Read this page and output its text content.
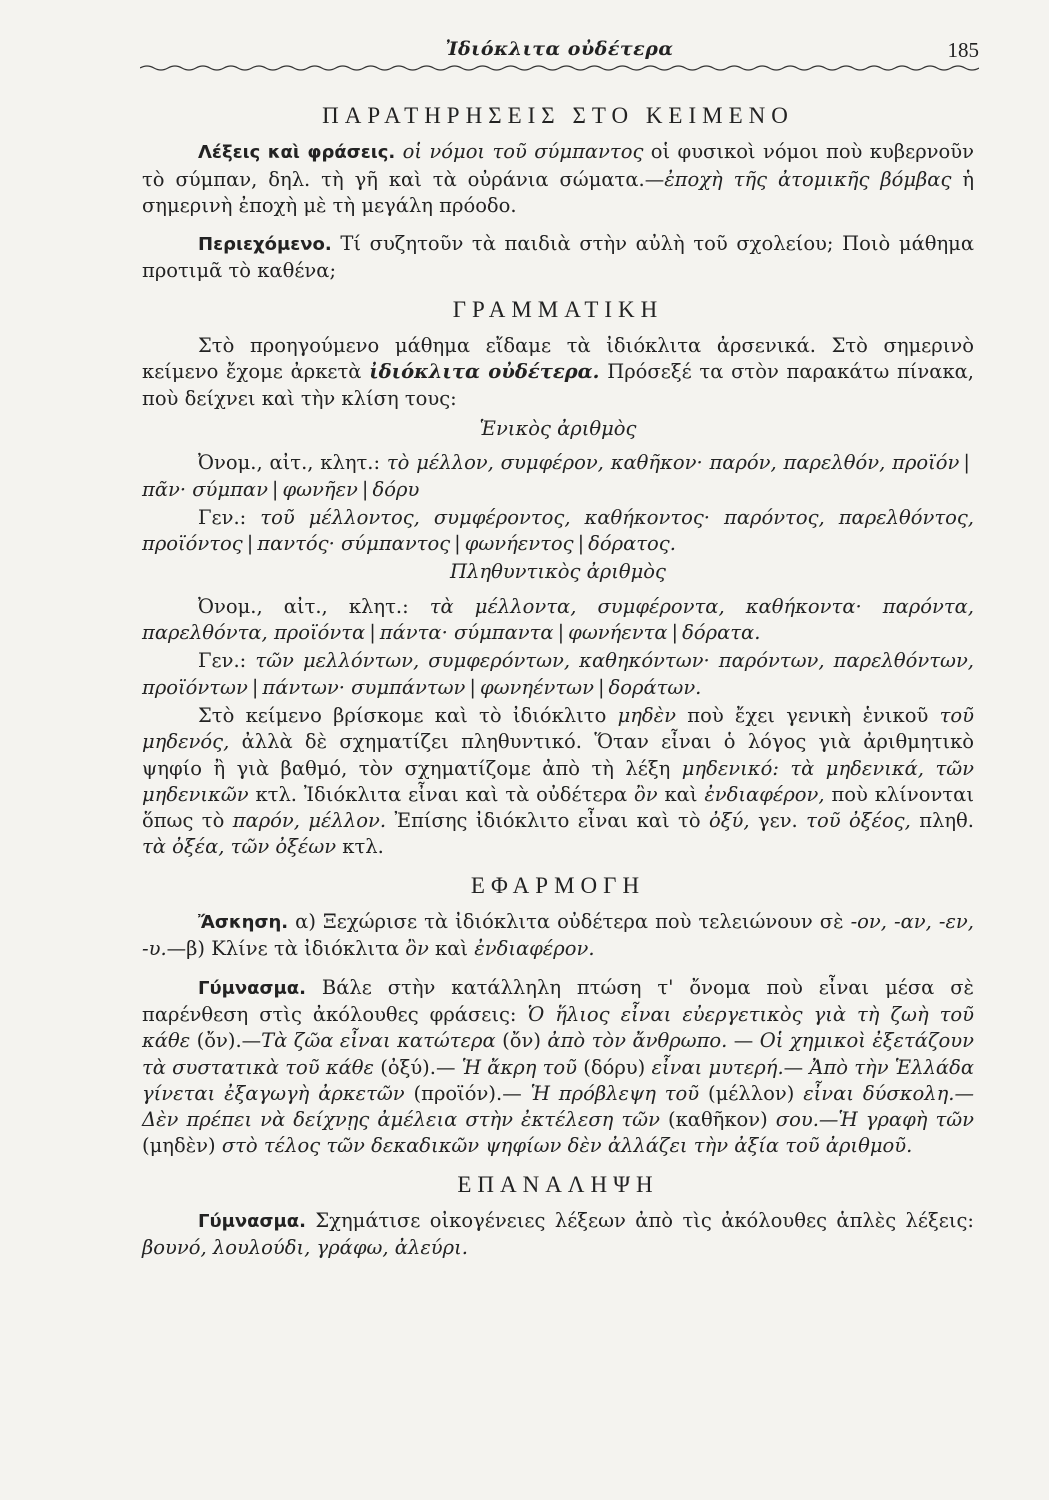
Ἰδιόκλιτα οὐδέτερα	185
ΠΑΡΑΤΗΡΗΣΕΙΣ ΣΤΟ ΚΕΙΜΕΝΟ

Λέξεις καὶ φράσεις. οἱ νόμοι τοῦ σύμπαντος οἱ φυσικοὶ νόμοι ποὺ κυβερνοῦν τὸ σύμπαν, δηλ. τὴ γῆ καὶ τὰ οὐράνια σώματα.—ἐποχὴ τῆς ἀτομικῆς βόμβας ἡ σημερινὴ ἐποχὴ μὲ τὴ μεγάλη πρόοδο.

Περιεχόμενο. Τί συζητοῦν τὰ παιδιὰ στὴν αὐλὴ τοῦ σχολείου; Ποιὸ μάθημα προτιμᾶ τὸ καθένα;

ΓΡΑΜΜΑΤΙΚΗ

Στὸ προηγούμενο μάθημα εἴδαμε τὰ ἰδιόκλιτα ἀρσενικά. Στὸ σημερινὸ κείμενο ἔχομε ἀρκετὰ ἰδιόκλιτα οὐδέτερα. Πρόσεξέ τα στὸν παρακάτω πίνακα, ποὺ δείχνει καὶ τὴν κλίση τους:

Ἑνικὸς ἀριθμὸς

Ὀνομ., αἰτ., κλητ.: τὸ μέλλον, συμφέρον, καθῆκον· παρόν, παρελθόν, προϊόν |πᾶν· σύμπαν | φωνῆεν | δόρυ

Γεν.: τοῦ μέλλοντος, συμφέροντος, καθήκοντος· παρόντος, παρελθόντος, προϊόντος | παντός· σύμπαντος | φωνήεντος | δόρατος.

Πληθυντικὸς ἀριθμὸς

Ὀνομ., αἰτ., κλητ.: τὰ μέλλοντα, συμφέροντα, καθήκοντα· παρόντα, παρελθόντα, προϊόντα | πάντα· σύμπαντα | φωνήεντα | δόρατα.

Γεν.: τῶν μελλόντων, συμφερόντων, καθηκόντων· παρόντων, παρελθόντων, προϊόντων | πάντων· συμπάντων | φωνηέντων | δοράτων.

Στὸ κείμενο βρίσκομε καὶ τὸ ἰδιόκλιτο μηδὲν ποὺ ἔχει γενικὴ ἑνικοῦ τοῦ μηδενός, ἀλλὰ δὲ σχηματίζει πληθυντικό. Ὅταν εἶναι ὁ λόγος γιὰ ἀριθμητικὸ ψηφίο ἢ γιὰ βαθμό, τὸν σχηματίζομε ἀπὸ τὴ λέξη μηδενικό: τὰ μηδενικά, τῶν μηδενικῶν κτλ. Ἰδιόκλιτα εἶναι καὶ τὰ οὐδέτερα ὂν καὶ ἐνδιαφέρον, ποὺ κλίνονται ὅπως τὸ παρόν, μέλλον. Ἐπίσης ἰδιόκλιτο εἶναι καὶ τὸ ὀξύ, γεν. τοῦ ὀξέος, πληθ. τὰ ὀξέα, τῶν ὀξέων κτλ.

ΕΦΑΡΜΟΓΗ

Ἄσκηση. α) Ξεχώρισε τὰ ἰδιόκλιτα οὐδέτερα ποὺ τελειώνουν σὲ -ον, -αν, -εν, -υ.—β) Κλίνε τὰ ἰδιόκλιτα ὂν καὶ ἐνδιαφέρον.

Γύμνασμα. Βάλε στὴν κατάλληλη πτώση τ' ὄνομα ποὺ εἶναι μέσα σὲ παρένθεση στὶς ἀκόλουθες φράσεις: Ὁ ἥλιος εἶναι εὐεργετικὸς γιὰ τὴ ζωὴ τοῦ κάθε (ὄν).—Τὰ ζῶα εἶναι κατώτερα (ὄν) ἀπὸ τὸν ἄνθρωπο. — Οἱ χημικοὶ ἐξετάζουν τὰ συστατικὰ τοῦ κάθε (ὀξύ).— Ἡ ἄκρη τοῦ (δόρυ) εἶναι μυτερή.— Ἀπὸ τὴν Ἑλλάδα γίνεται ἐξαγωγὴ ἀρκετῶν (προϊόν).— Ἡ πρόβλεψη τοῦ (μέλλον) εἶναι δύσκολη.—Δὲν πρέπει νὰ δείχνῃς ἀμέλεια στὴν ἐκτέλεση τῶν (καθῆκον) σου.—Ἡ γραφὴ τῶν (μηδὲν) στὸ τέλος τῶν δεκαδικῶν ψηφίων δὲν ἀλλάζει τὴν ἀξία τοῦ ἀριθμοῦ.

ΕΠΑΝΑΛΗΨΗ

Γύμνασμα. Σχημάτισε οἰκογένειες λέξεων ἀπὸ τὶς ἀκόλουθες ἁπλὲς λέξεις: βουνό, λουλούδι, γράφω, ἀλεύρι.
